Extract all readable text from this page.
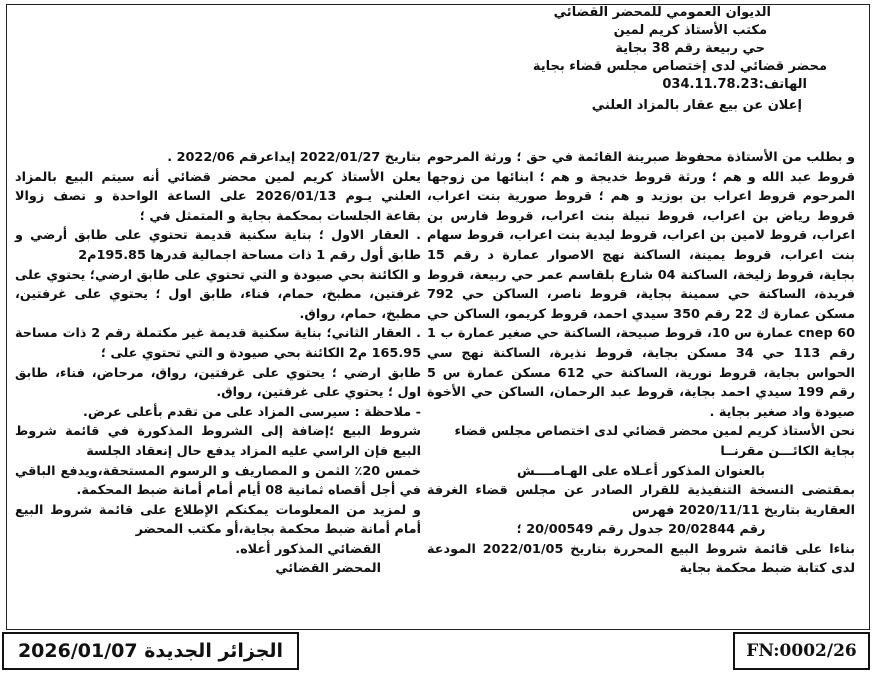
الديوان العمومي للمحضر القضائي
مكتب الأستاذ كريم لمين
حي ربيعة رقم 38 بجاية
محضر قضائي لدى إختصاص مجلس قضاء بجاية
الهاتف:034.11.78.23
إعلان عن بيع عقار بالمزاد العلني

و بطلب من الأستاذة محفوظ صبرينة القائمة في حق ؛ ورثة المرحوم قروط عبد الله و هم ؛ ورثة قروط خديجة و هم ؛ ابنائها من زوجها المرحوم قروط اعراب بن بوزيد و هم ؛ قروط صورية بنت اعراب، قروط رياض بن اعراب، قروط نبيلة بنت اعراب، قروط فارس بن اعراب، قروط لامين بن اعراب، قروط ليدية بنت اعراب، قروط سهام بنت اعراب، قروط يمينة، الساكنة نهج الاصوار عمارة د رقم 15 بجاية، قروط زليخة، الساكنة 04 شارع بلقاسم عمر حي ربيعة، قروط فريدة، الساكنة حي سمينة بجاية، قروط ناصر، الساكن حي 792 مسكن عمارة ك 22 رقم 350 سيدي احمد، قروط كريمو، الساكن حي 60 cnep عمارة س 10، قروط صبيحة، الساكنة حي صغير عمارة ب 1 رقم 113 حي 34 مسكن بجاية، قروط نذيرة، الساكنة نهج سي الحواس بجاية، قروط نورية، الساكنة حي 612 مسكن عمارة س 5 رقم 199 سيدي احمد بجاية، قروط عبد الرحمان، الساكن حي الأخوة صيودة واد صغير بجاية .

نحن الأستاذ كريم لمين محضر قضائي لدى اختصاص مجلس قضاء

بجاية الكائـــن مقرنــا

بالعنوان المذكور أعـلاه على الهـامــــش

بمقتضى النسخة التنفيذية للقرار الصادر عن مجلس قضاء الغرفة العقارية بتاريخ 2020/11/11 فهرس

رقم 20/02844 جدول رقم 20/00549 ؛

بناءا على قائمة شروط البيع المحررة بتاريخ 2022/01/05 المودعة لدى كتابة ضبط محكمة بجاية

بتاريخ 2022/01/27 إيداعرقم 2022/06 .

يعلن الأستاذ كريم لمين محضر قضائي أنه سيتم البيع بالمزاد العلني يـوم 2026/01/13 على الساعة الواحدة و نصف زوالا بقاعة الجلسات بمحكمة بجاية و المتمثل في ؛

. العقار الاول ؛ بناية سكنية قديمة تحتوي على طابق أرضي و طابق أول رقم 1 ذات مساحة اجمالية قدرها 195.85م2

و الكائنة بحي صيودة و التي تحتوي على طابق ارضي؛ يحتوي على غرفتين، مطبخ، حمام، فناء، طابق اول ؛ يحتوي على غرفتين، مطبخ، حمام، رواق.

. العقار الثاني؛ بناية سكنية قديمة غير مكتملة رقم 2 ذات مساحة 165.95 م2 الكائنة بحي صيودة و التي تحتوي على ؛

طابق ارضي ؛ يحتوي على غرفتين، رواق، مرحاض، فناء، طابق اول ؛ يحتوي على غرفتين، رواق.

- ملاحظة : سيرسى المزاد على من تقدم بأعلى عرض.

شروط البيع ؛إضافة إلى الشروط المذكورة في قائمة شروط البيع فإن الراسي عليه المزاد يدفع حال إنعقاد الجلسة

خمس 20٪ الثمن و المصاريف و الرسوم المستحقة،ويدفع الباقي في أجل أقصاه ثمانية 08 أيام أمام أمانة ضبط المحكمة.

و لمزيد من المعلومات يمكنكم الإطلاع على قائمة شروط البيع أمام أمانة ضبط محكمة بجاية،أو مكتب المحضر

القضائي المذكور أعلاه.

المحضر القضائي

FN:0002/26
الجزائر الجديدة 2026/01/07
